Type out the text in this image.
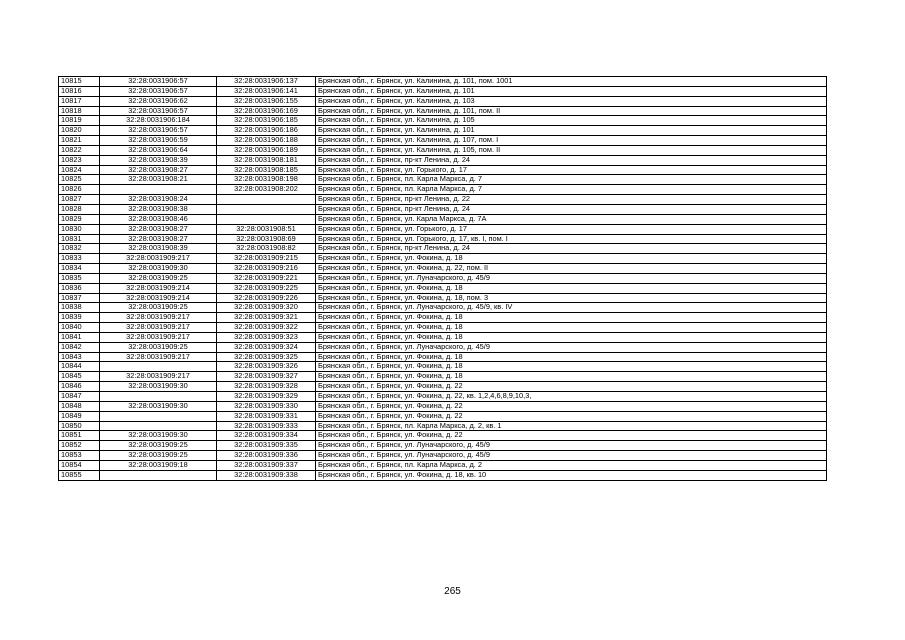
10815	32:28:0031906:57	32:28:0031906:137	Брянская обл., г. Брянск, ул. Калинина, д. 101, пом. 1001
10816	32:28:0031906:57	32:28:0031906:141	Брянская обл., г. Брянск, ул. Калинина, д. 101
10817	32:28:0031906:62	32:28:0031906:155	Брянская обл., г. Брянск, ул. Калинина, д. 103
10818	32:28:0031906:57	32:28:0031906:169	Брянская обл., г. Брянск, ул. Калинина, д. 101, пом. II
10819	32:28:0031906:184	32:28:0031906:185	Брянская обл., г. Брянск, ул. Калинина, д. 105
10820	32:28:0031906:57	32:28:0031906:186	Брянская обл., г. Брянск, ул. Калинина, д. 101
10821	32:28:0031906:59	32:28:0031906:188	Брянская обл., г. Брянск, ул. Калинина, д. 107, пом. I
10822	32:28:0031906:64	32:28:0031906:189	Брянская обл., г. Брянск, ул. Калинина, д. 105, пом. II
10823	32:28:0031908:39	32:28:0031908:181	Брянская обл., г. Брянск, пр-кт Ленина, д. 24
10824	32:28:0031908:27	32:28:0031908:185	Брянская обл., г. Брянск, ул. Горького, д. 17
10825	32:28:0031908:21	32:28:0031908:198	Брянская обл., г. Брянск, пл. Карла Маркса, д. 7
10826		32:28:0031908:202	Брянская обл., г. Брянск, пл. Карла Маркса, д. 7
10827	32:28:0031908:24		Брянская обл., г. Брянск, пр-кт Ленина, д. 22
10828	32:28:0031908:38		Брянская обл., г. Брянск, пр-кт Ленина, д. 24
10829	32:28:0031908:46		Брянская обл., г. Брянск, ул. Карла Маркса, д. 7А
10830	32:28:0031908:27	32:28:0031908:51	Брянская обл., г. Брянск, ул. Горького, д. 17
10831	32:28:0031908:27	32:28:0031908:69	Брянская обл., г. Брянск, ул. Горького, д. 17, кв. I, пом. I
10832	32:28:0031908:39	32:28:0031908:82	Брянская обл., г. Брянск, пр-кт Ленина, д. 24
10833	32:28:0031909:217	32:28:0031909:215	Брянская обл., г. Брянск, ул. Фокина, д. 18
10834	32:28:0031909:30	32:28:0031909:216	Брянская обл., г. Брянск, ул. Фокина, д. 22, пом. II
10835	32:28:0031909:25	32:28:0031909:221	Брянская обл., г. Брянск, ул. Луначарского, д. 45/9
10836	32:28:0031909:214	32:28:0031909:225	Брянская обл., г. Брянск, ул. Фокина, д. 18
10837	32:28:0031909:214	32:28:0031909:226	Брянская обл., г. Брянск, ул. Фокина, д. 18, пом. 3
10838	32:28:0031909:25	32:28:0031909:320	Брянская обл., г. Брянск, ул. Луначарского, д. 45/9, кв. IV
10839	32:28:0031909:217	32:28:0031909:321	Брянская обл., г. Брянск, ул. Фокина, д. 18
10840	32:28:0031909:217	32:28:0031909:322	Брянская обл., г. Брянск, ул. Фокина, д. 18
10841	32:28:0031909:217	32:28:0031909:323	Брянская обл., г. Брянск, ул. Фокина, д. 18
10842	32:28:0031909:25	32:28:0031909:324	Брянская обл., г. Брянск, ул. Луначарского, д. 45/9
10843	32:28:0031909:217	32:28:0031909:325	Брянская обл., г. Брянск, ул. Фокина, д. 18
10844		32:28:0031909:326	Брянская обл., г. Брянск, ул. Фокина, д. 18
10845	32:28:0031909:217	32:28:0031909:327	Брянская обл., г. Брянск, ул. Фокина, д. 18
10846	32:28:0031909:30	32:28:0031909:328	Брянская обл., г. Брянск, ул. Фокина, д. 22
10847		32:28:0031909:329	Брянская обл., г. Брянск, ул. Фокина, д. 22, кв. 1,2,4,6,8,9,10,3,
10848	32:28:0031909:30	32:28:0031909:330	Брянская обл., г. Брянск, ул. Фокина, д. 22
10849		32:28:0031909:331	Брянская обл., г. Брянск, ул. Фокина, д. 22
10850		32:28:0031909:333	Брянская обл., г. Брянск, пл. Карла Маркса, д. 2, кв. 1
10851	32:28:0031909:30	32:28:0031909:334	Брянская обл., г. Брянск, ул. Фокина, д. 22
10852	32:28:0031909:25	32:28:0031909:335	Брянская обл., г. Брянск, ул. Луначарского, д. 45/9
10853	32:28:0031909:25	32:28:0031909:336	Брянская обл., г. Брянск, ул. Луначарского, д. 45/9
10854	32:28:0031909:18	32:28:0031909:337	Брянская обл., г. Брянск, пл. Карла Маркса, д. 2
10855		32:28:0031909:338	Брянская обл., г. Брянск, ул. Фокина, д. 18, кв. 10
265
